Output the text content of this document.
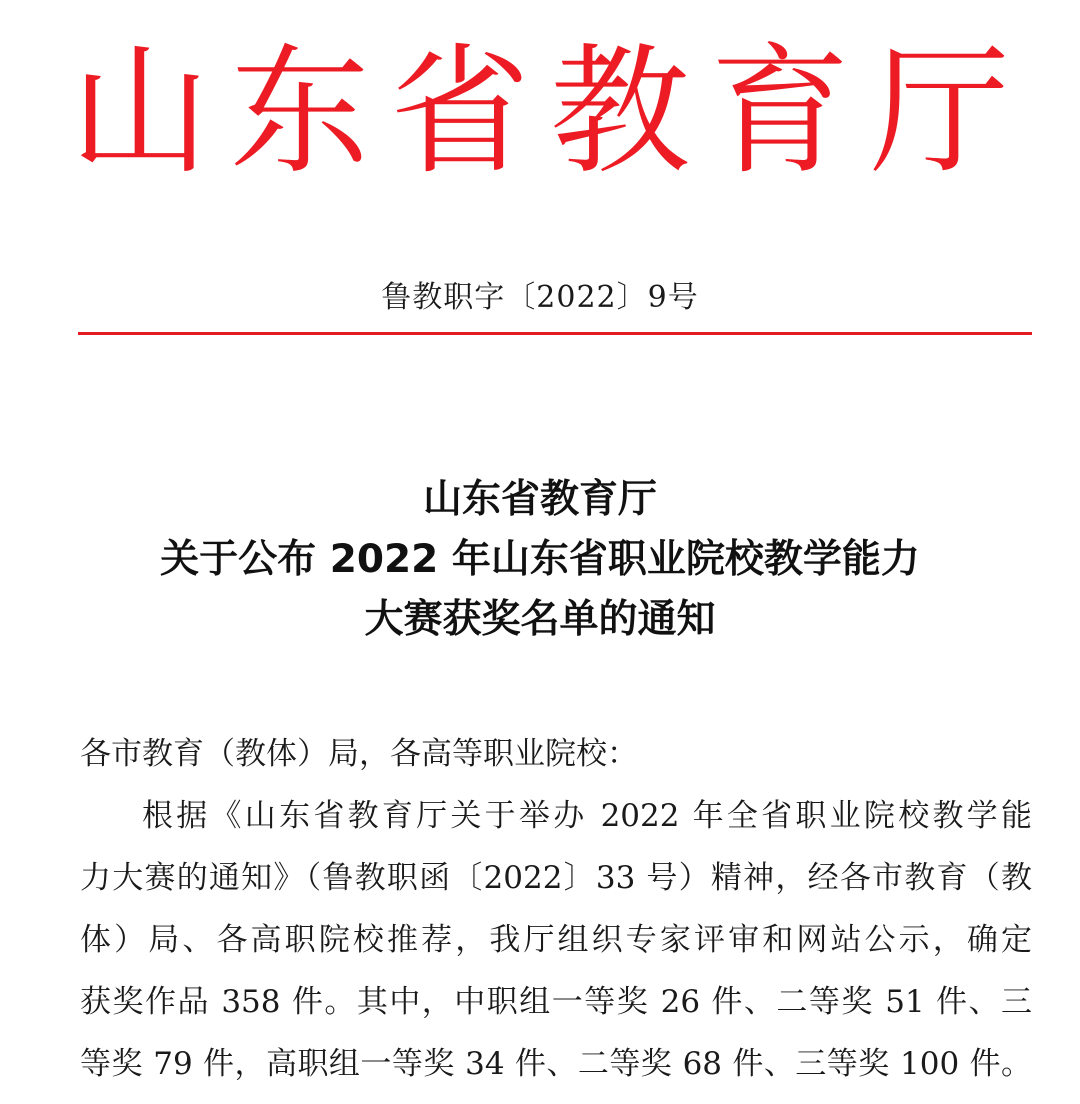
山东省教育厅
鲁教职字〔2022〕9号
山东省教育厅
关于公布 2022 年山东省职业院校教学能力
大赛获奖名单的通知
各市教育（教体）局，各高等职业院校：
根据《山东省教育厅关于举办 2022 年全省职业院校教学能
力大赛的通知》（鲁教职函〔2022〕33 号）精神，经各市教育（教
体）局、各高职院校推荐，我厅组织专家评审和网站公示，确定
获奖作品 358 件。其中，中职组一等奖 26 件、二等奖 51 件、三
等奖 79 件，高职组一等奖 34 件、二等奖 68 件、三等奖 100 件。
